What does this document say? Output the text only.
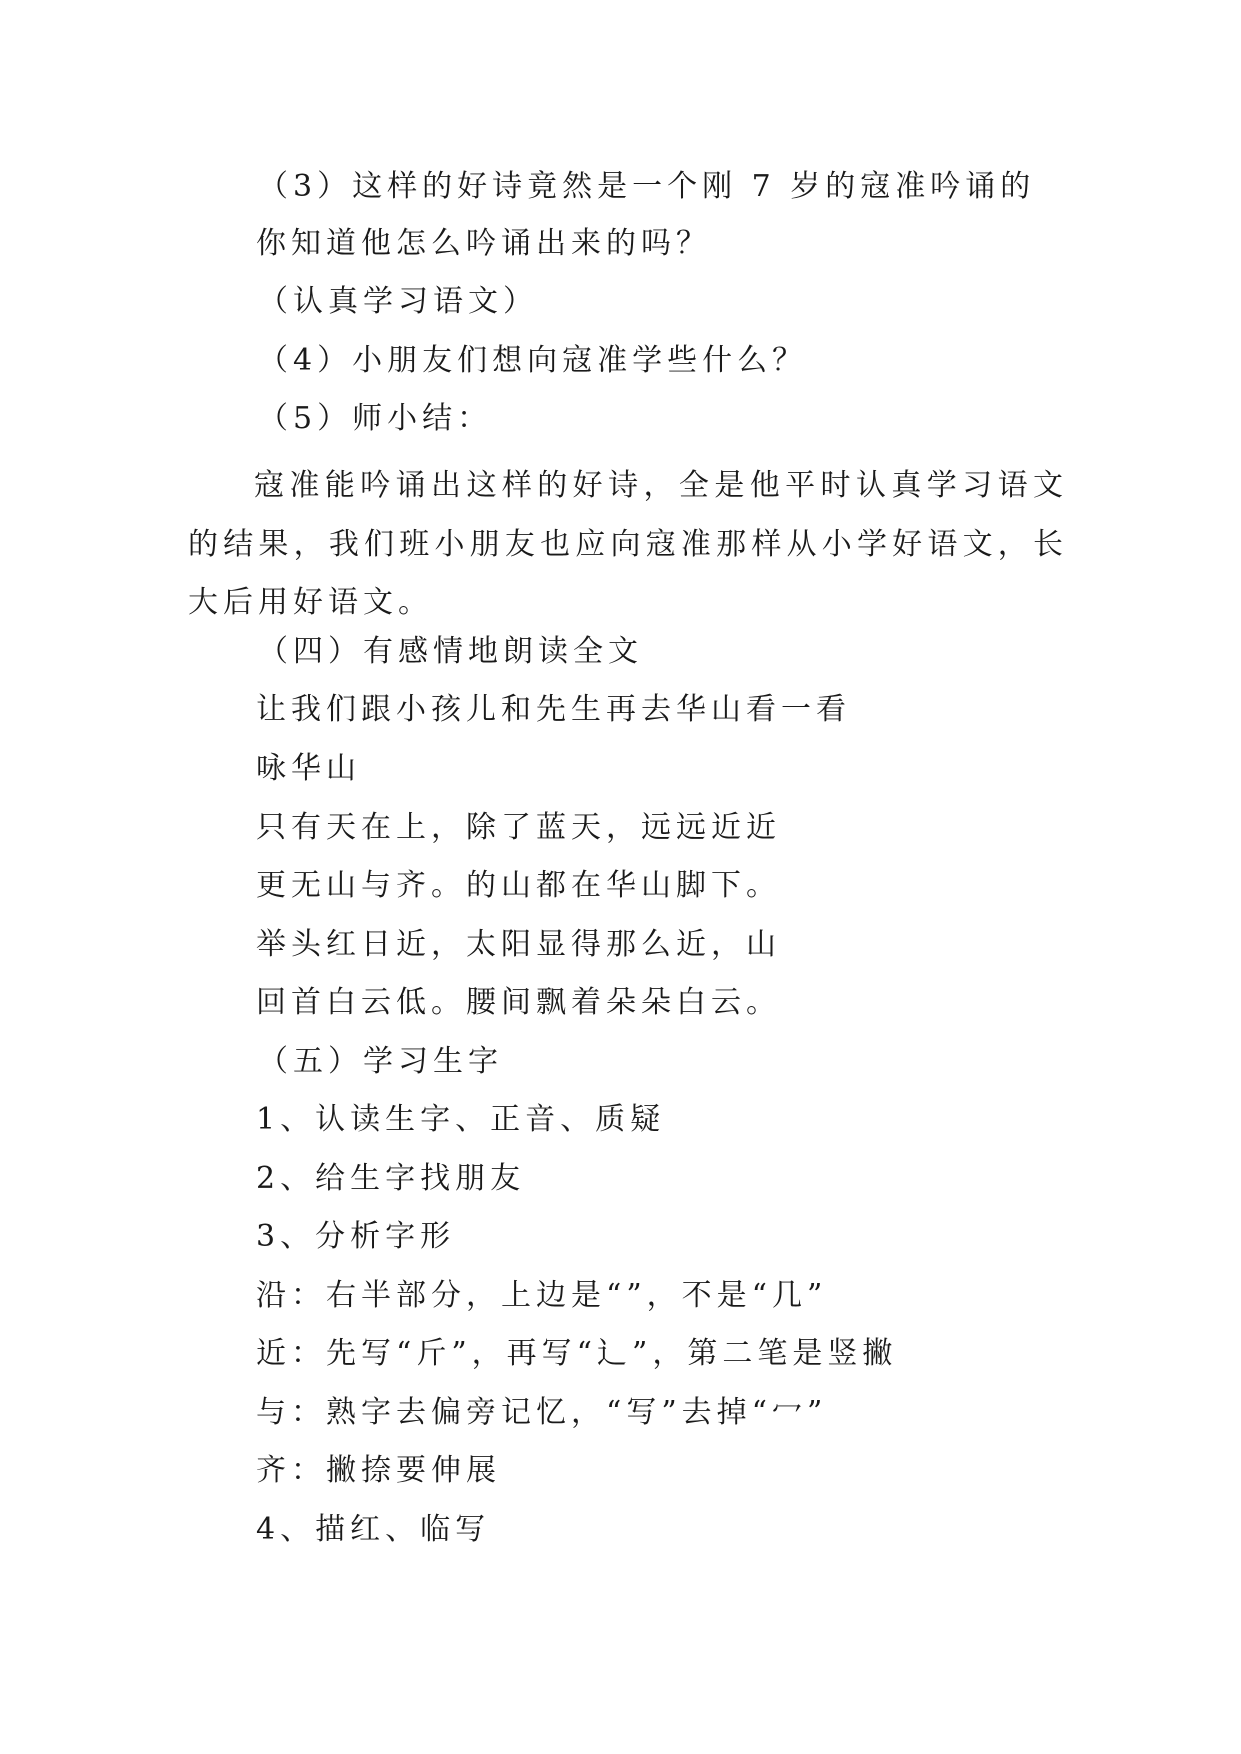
（3）这样的好诗竟然是一个刚 7 岁的寇准吟诵的
你知道他怎么吟诵出来的吗？
（认真学习语文）
（4）小朋友们想向寇准学些什么？
（5）师小结：
寇准能吟诵出这样的好诗，全是他平时认真学习语文的结果，我们班小朋友也应向寇准那样从小学好语文，长大后用好语文。
（四）有感情地朗读全文
让我们跟小孩儿和先生再去华山看一看
咏华山
只有天在上，除了蓝天，远远近近
更无山与齐。的山都在华山脚下。
举头红日近，太阳显得那么近，山
回首白云低。腰间飘着朵朵白云。
（五）学习生字
1、认读生字、正音、质疑
2、给生字找朋友
3、分析字形
沿：右半部分，上边是“”，不是“几”
近：先写“斤”，再写“辶”，第二笔是竖撇
与：熟字去偏旁记忆，“写”去掉“冖”
齐：撇捺要伸展
4、描红、临写
